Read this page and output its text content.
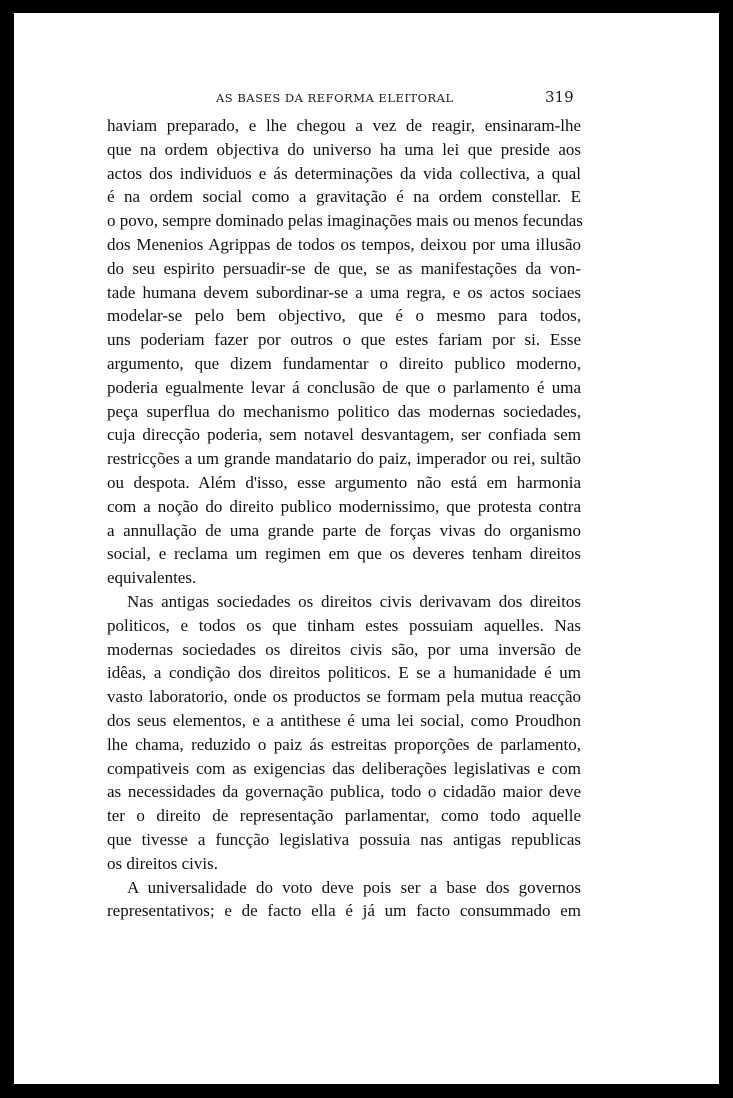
AS BASES DA REFORMA ELEITORAL	319
haviam preparado, e lhe chegou a vez de reagir, ensinaram-lhe
que na ordem objectiva do universo ha uma lei que preside aos
actos dos individuos e ás determinações da vida collectiva, a qual
é na ordem social como a gravitação é na ordem constellar. E
o povo, sempre dominado pelas imaginações mais ou menos fecundas
dos Menenios Agrippas de todos os tempos, deixou por uma illusão
do seu espirito persuadir-se de que, se as manifestações da von-
tade humana devem subordinar-se a uma regra, e os actos sociaes
modelar-se pelo bem objectivo, que é o mesmo para todos,
uns poderiam fazer por outros o que estes fariam por si. Esse
argumento, que dizem fundamentar o direito publico moderno,
poderia egualmente levar á conclusão de que o parlamento é uma
peça superflua do mechanismo politico das modernas sociedades,
cuja direcção poderia, sem notavel desvantagem, ser confiada sem
restricções a um grande mandatario do paiz, imperador ou rei, sultão
ou despota. Além d'isso, esse argumento não está em harmonia
com a noção do direito publico modernissimo, que protesta contra
a annullação de uma grande parte de forças vivas do organismo
social, e reclama um regimen em que os deveres tenham direitos
equivalentes.
Nas antigas sociedades os direitos civis derivavam dos direitos
politicos, e todos os que tinham estes possuiam aquelles. Nas
modernas sociedades os direitos civis são, por uma inversão de
idêas, a condição dos direitos politicos. E se a humanidade é um
vasto laboratorio, onde os productos se formam pela mutua reacção
dos seus elementos, e a antithese é uma lei social, como Proudhon
lhe chama, reduzido o paiz ás estreitas proporções de parlamento,
compativeis com as exigencias das deliberações legislativas e com
as necessidades da governação publica, todo o cidadão maior deve
ter o direito de representação parlamentar, como todo aquelle
que tivesse a funcção legislativa possuia nas antigas republicas
os direitos civis.
A universalidade do voto deve pois ser a base dos governos
representativos; e de facto ella é já um facto consummado em
